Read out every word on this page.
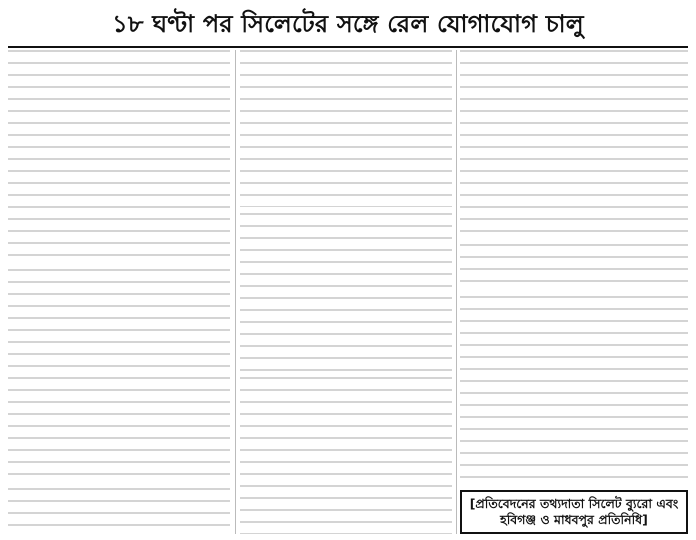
১৮ ঘণ্টা পর সিলেটের সঙ্গে রেল যোগাযোগ চালু
[প্রতিবেদনের তথ্যদাতা সিলেট ব্যুরো এবং হবিগঞ্জ ও মাধবপুর প্রতিনিধি]
